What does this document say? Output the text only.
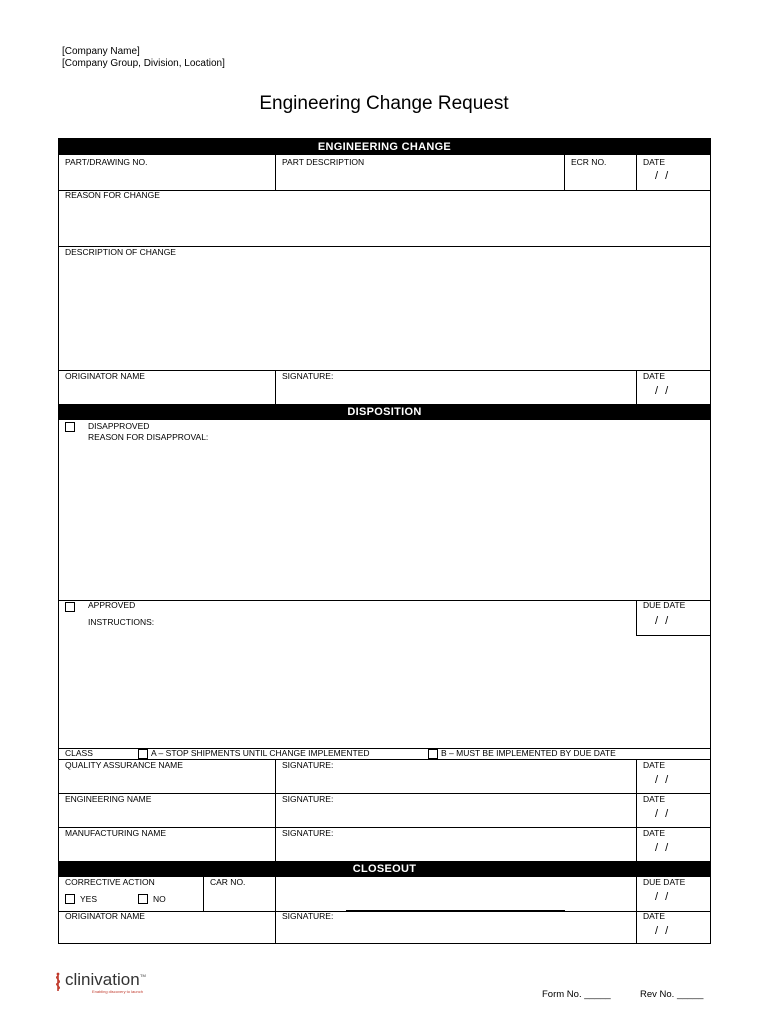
[Company Name]
[Company Group, Division, Location]
Engineering Change Request
ENGINEERING CHANGE
PART/DRAWING NO.	PART DESCRIPTION	ECR NO.	DATE
/ /
REASON FOR CHANGE
DESCRIPTION OF CHANGE
ORIGINATOR NAME	SIGNATURE:	DATE
/ /
DISPOSITION
DISAPPROVED
REASON FOR DISAPPROVAL:
APPROVED
INSTRUCTIONS:
DUE DATE
/ /
CLASS	A – STOP SHIPMENTS UNTIL CHANGE IMPLEMENTED	B – MUST BE IMPLEMENTED BY DUE DATE
QUALITY ASSURANCE NAME	SIGNATURE:	DATE
/ /
ENGINEERING NAME	SIGNATURE:	DATE
/ /
MANUFACTURING NAME	SIGNATURE:	DATE
/ /
CLOSEOUT
CORRECTIVE ACTION
YES	NO
CAR NO.	DUE DATE
/ /
ORIGINATOR NAME	SIGNATURE:	DATE
/ /
clinivation TM
Enabling discovery to launch	Form No. _____	Rev No. _____
